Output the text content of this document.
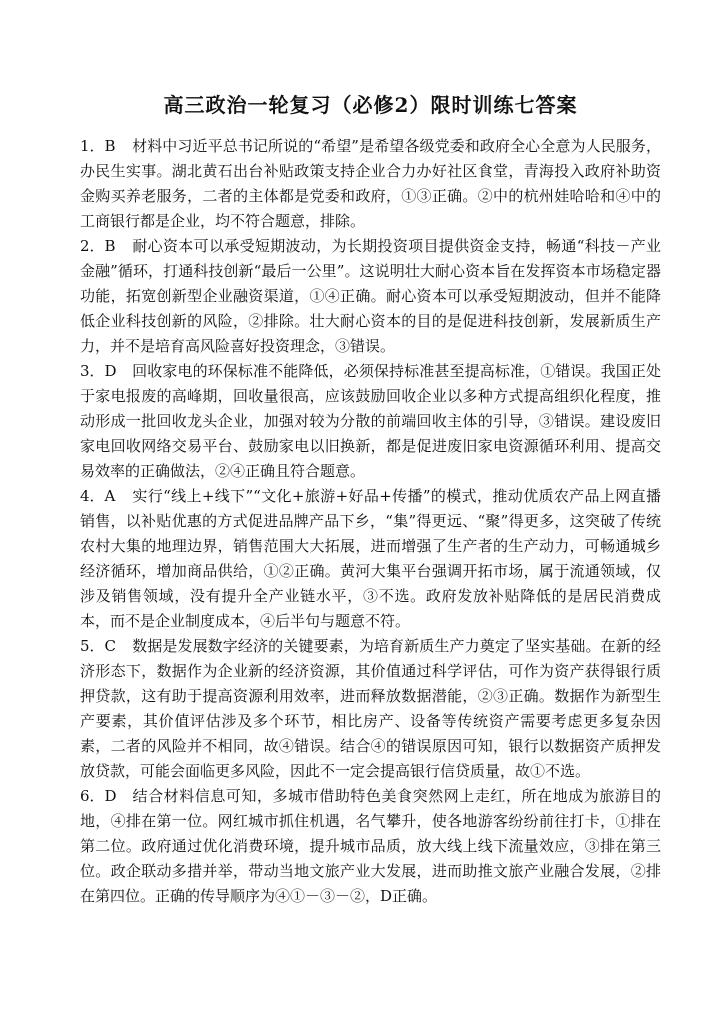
高三政治一轮复习（必修2）限时训练七答案
1．B 材料中习近平总书记所说的“希望”是希望各级党委和政府全心全意为人民服务，办民生实事。湖北黄石出台补贴政策支持企业合力办好社区食堂，青海投入政府补助资金购买养老服务，二者的主体都是党委和政府，①③正确。②中的杭州娃哈哈和④中的工商银行都是企业，均不符合题意，排除。
2．B 耐心资本可以承受短期波动，为长期投资项目提供资金支持，畅通“科技－产业金融”循环，打通科技创新“最后一公里”。这说明壮大耐心资本旨在发挥资本市场稳定器功能，拓宽创新型企业融资渠道，①④正确。耐心资本可以承受短期波动，但并不能降低企业科技创新的风险，②排除。壮大耐心资本的目的是促进科技创新，发展新质生产力，并不是培育高风险喜好投资理念，③错误。
3．D 回收家电的环保标准不能降低，必须保持标准甚至提高标准，①错误。我国正处于家电报废的高峰期，回收量很高，应该鼓励回收企业以多种方式提高组织化程度，推动形成一批回收龙头企业，加强对较为分散的前端回收主体的引导，③错误。建设废旧家电回收网络交易平台、鼓励家电以旧换新，都是促进废旧家电资源循环利用、提高交易效率的正确做法，②④正确且符合题意。
4．A 实行“线上+线下”“文化+旅游+好品+传播”的模式，推动优质农产品上网直播销售，以补贴优惠的方式促进品牌产品下乡，“集”得更远、“聚”得更多，这突破了传统农村大集的地理边界，销售范围大大拓展，进而增强了生产者的生产动力，可畅通城乡经济循环，增加商品供给，①②正确。黄河大集平台强调开拓市场，属于流通领域，仅涉及销售领域，没有提升全产业链水平，③不选。政府发放补贴降低的是居民消费成本，而不是企业制度成本，④后半句与题意不符。
5．C 数据是发展数字经济的关键要素，为培育新质生产力奠定了坚实基础。在新的经济形态下，数据作为企业新的经济资源，其价值通过科学评估，可作为资产获得银行质押贷款，这有助于提高资源利用效率，进而释放数据潜能，②③正确。数据作为新型生产要素，其价值评估涉及多个环节，相比房产、设备等传统资产需要考虑更多复杂因素，二者的风险并不相同，故④错误。结合④的错误原因可知，银行以数据资产质押发放贷款，可能会面临更多风险，因此不一定会提高银行信贷质量，故①不选。
6．D 结合材料信息可知，多城市借助特色美食突然网上走红，所在地成为旅游目的地，④排在第一位。网红城市抓住机遇，名气攀升，使各地游客纷纷前往打卡，①排在第二位。政府通过优化消费环境，提升城市品质，放大线上线下流量效应，③排在第三位。政企联动多措并举，带动当地文旅产业大发展，进而助推文旅产业融合发展，②排在第四位。正确的传导顺序为④①－③－②，D正确。
